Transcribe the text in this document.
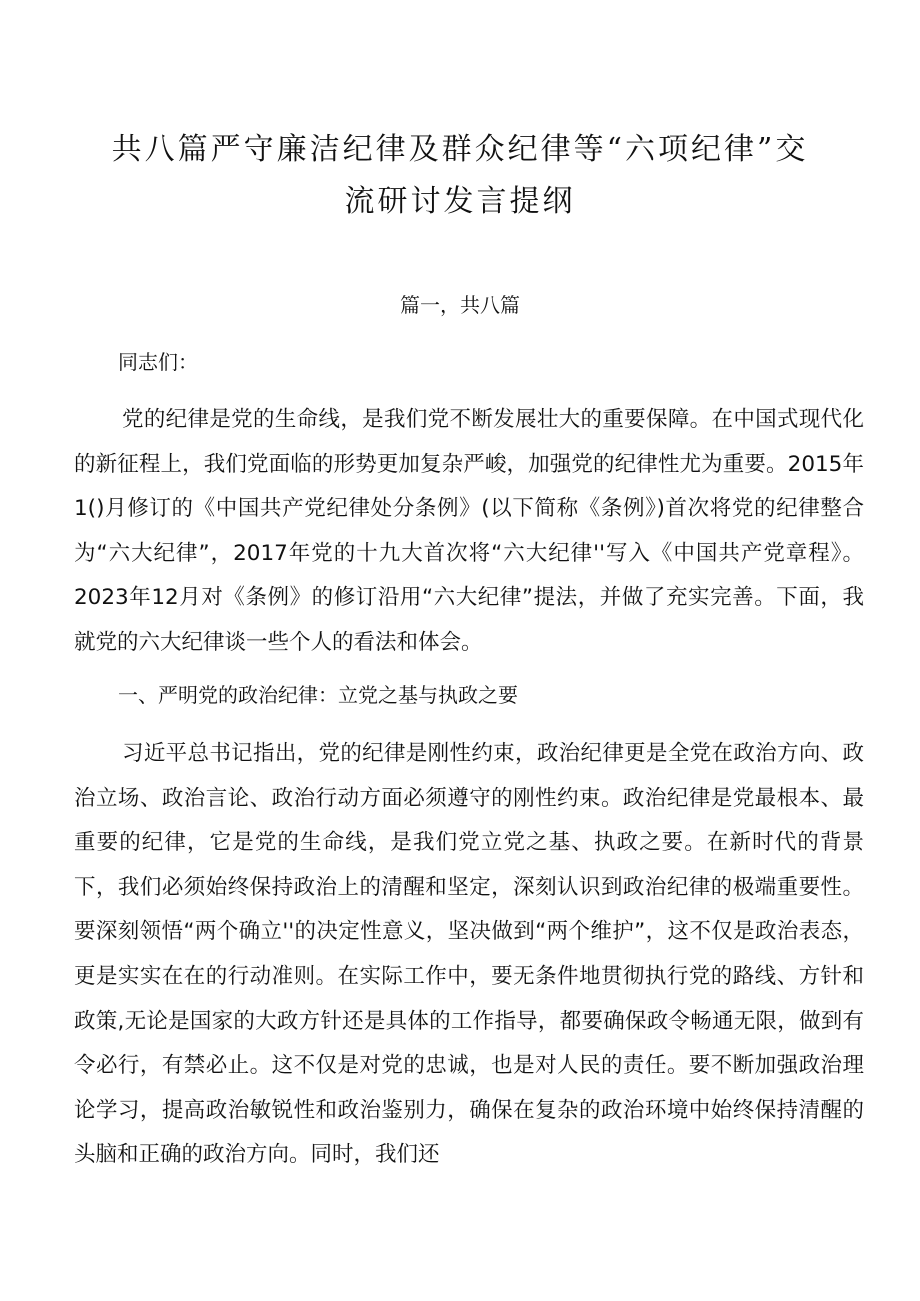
共八篇严守廉洁纪律及群众纪律等“六项纪律”交
流研讨发言提纲
篇一，共八篇
同志们：

党的纪律是党的生命线，是我们党不断发展壮大的重要保障。在中国式现代化的新征程上，我们党面临的形势更加复杂严峻，加强党的纪律性尤为重要。2015年1()月修订的《中国共产党纪律处分条例》(以下简称《条例》)首次将党的纪律整合为“六大纪律”，2017年党的十九大首次将“六大纪律''写入《中国共产党章程》。2023年12月对《条例》的修订沿用“六大纪律”提法，并做了充实完善。下面，我就党的六大纪律谈一些个人的看法和体会。

一、严明党的政治纪律：立党之基与执政之要

习近平总书记指出，党的纪律是刚性约束，政治纪律更是全党在政治方向、政治立场、政治言论、政治行动方面必须遵守的刚性约束。政治纪律是党最根本、最重要的纪律，它是党的生命线，是我们党立党之基、执政之要。在新时代的背景下，我们必须始终保持政治上的清醒和坚定，深刻认识到政治纪律的极端重要性。要深刻领悟“两个确立''的决定性意义，坚决做到“两个维护”，这不仅是政治表态，更是实实在在的行动准则。在实际工作中，要无条件地贯彻执行党的路线、方针和政策,无论是国家的大政方针还是具体的工作指导，都要确保政令畅通无限，做到有令必行，有禁必止。这不仅是对党的忠诚，也是对人民的责任。要不断加强政治理论学习，提高政治敏锐性和政治鉴别力，确保在复杂的政治环境中始终保持清醒的头脑和正确的政治方向。同时，我们还
